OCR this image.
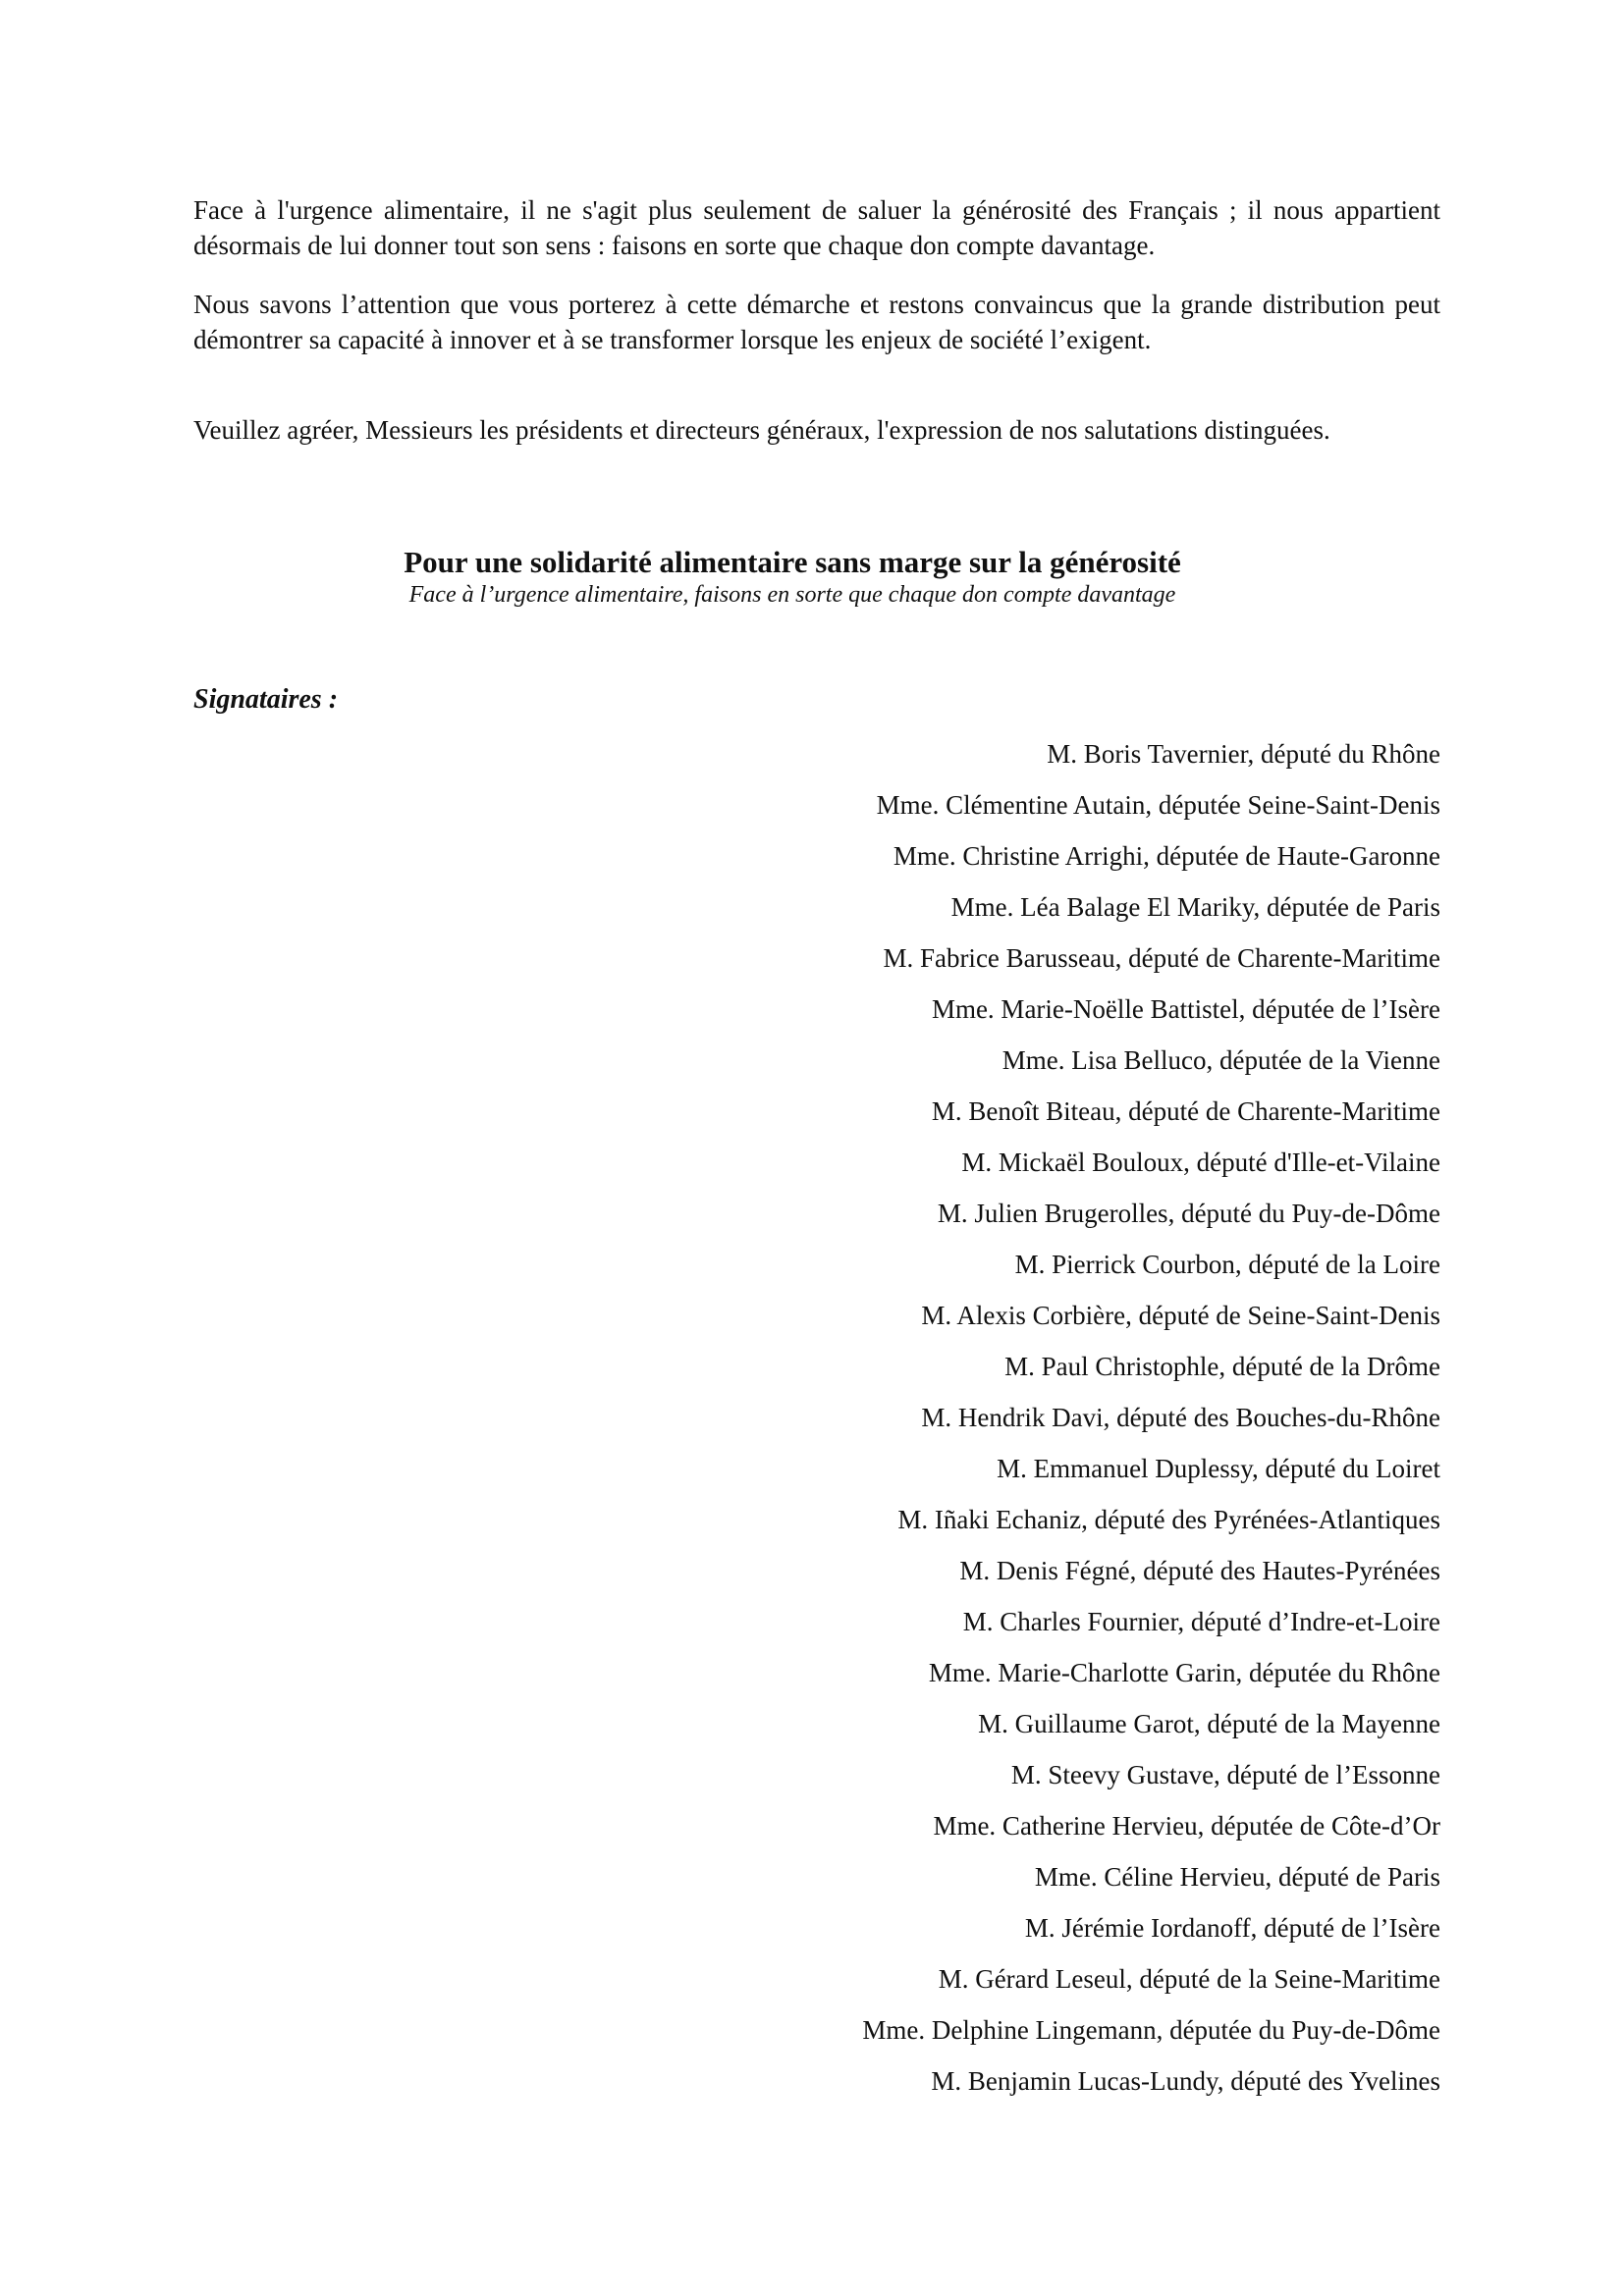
Face à l'urgence alimentaire, il ne s'agit plus seulement de saluer la générosité des Français ; il nous appartient désormais de lui donner tout son sens : faisons en sorte que chaque don compte davantage.

Nous savons l’attention que vous porterez à cette démarche et restons convaincus que la grande distribution peut démontrer sa capacité à innover et à se transformer lorsque les enjeux de société l’exigent.

Veuillez agréer, Messieurs les présidents et directeurs généraux, l'expression de nos salutations distinguées.

Pour une solidarité alimentaire sans marge sur la générosité

Face à l’urgence alimentaire, faisons en sorte que chaque don compte davantage

Signataires :

M. Boris Tavernier, député du Rhône
Mme. Clémentine Autain, députée Seine-Saint-Denis
Mme. Christine Arrighi, députée de Haute-Garonne
Mme. Léa Balage El Mariky, députée de Paris
M. Fabrice Barusseau, député de Charente-Maritime
Mme. Marie-Noëlle Battistel, députée de l’Isère
Mme. Lisa Belluco, députée de la Vienne
M. Benoît Biteau, député de Charente-Maritime
M. Mickaël Bouloux, député d'Ille-et-Vilaine
M. Julien Brugerolles, député du Puy-de-Dôme
M. Pierrick Courbon, député de la Loire
M. Alexis Corbière, député de Seine-Saint-Denis
M. Paul Christophle, député de la Drôme
M. Hendrik Davi, député des Bouches-du-Rhône
M. Emmanuel Duplessy, député du Loiret
M. Iñaki Echaniz, député des Pyrénées-Atlantiques
M. Denis Fégné, député des Hautes-Pyrénées
M. Charles Fournier, député d’Indre-et-Loire
Mme. Marie-Charlotte Garin, députée du Rhône
M. Guillaume Garot, député de la Mayenne
M. Steevy Gustave, député de l’Essonne
Mme. Catherine Hervieu, députée de Côte-d’Or
Mme. Céline Hervieu, député de Paris
M. Jérémie Iordanoff, député de l’Isère
M. Gérard Leseul, député de la Seine-Maritime
Mme. Delphine Lingemann, députée du Puy-de-Dôme
M. Benjamin Lucas-Lundy, député des Yvelines
